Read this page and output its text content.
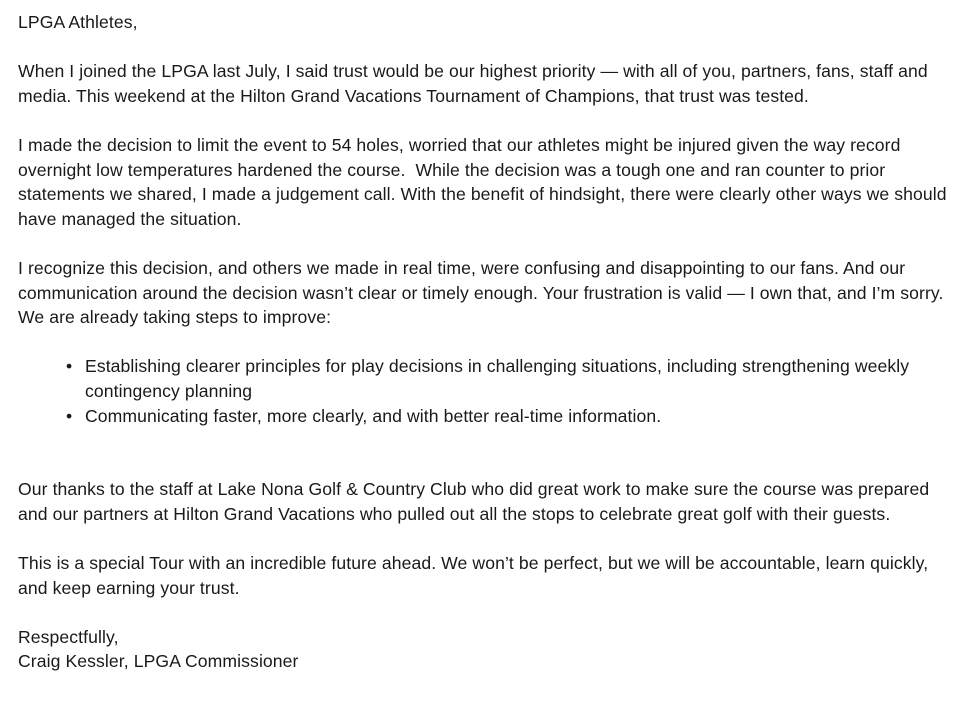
LPGA Athletes,

When I joined the LPGA last July, I said trust would be our highest priority — with all of you, partners, fans, staff and media. This weekend at the Hilton Grand Vacations Tournament of Champions, that trust was tested.

I made the decision to limit the event to 54 holes, worried that our athletes might be injured given the way record overnight low temperatures hardened the course.  While the decision was a tough one and ran counter to prior statements we shared, I made a judgement call. With the benefit of hindsight, there were clearly other ways we should have managed the situation.

I recognize this decision, and others we made in real time, were confusing and disappointing to our fans. And our communication around the decision wasn’t clear or timely enough. Your frustration is valid — I own that, and I’m sorry. We are already taking steps to improve:

• Establishing clearer principles for play decisions in challenging situations, including strengthening weekly contingency planning
• Communicating faster, more clearly, and with better real-time information.

Our thanks to the staff at Lake Nona Golf & Country Club who did great work to make sure the course was prepared and our partners at Hilton Grand Vacations who pulled out all the stops to celebrate great golf with their guests.

This is a special Tour with an incredible future ahead. We won’t be perfect, but we will be accountable, learn quickly, and keep earning your trust.

Respectfully,

Craig Kessler, LPGA Commissioner
